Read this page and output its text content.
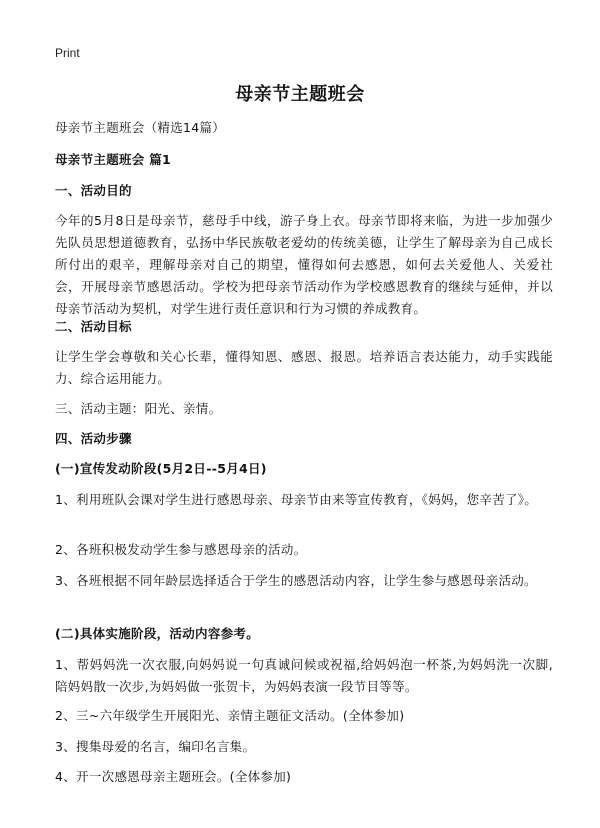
Print
母亲节主题班会
母亲节主题班会（精选14篇）
母亲节主题班会 篇1
一、活动目的
今年的5月8日是母亲节，慈母手中线，游子身上衣。母亲节即将来临，为进一步加强少先队员思想道德教育，弘扬中华民族敬老爱幼的传统美德，让学生了解母亲为自己成长所付出的艰辛，理解母亲对自己的期望，懂得如何去感恩，如何去关爱他人、关爱社会，开展母亲节感恩活动。学校为把母亲节活动作为学校感恩教育的继续与延伸，并以母亲节活动为契机，对学生进行责任意识和行为习惯的养成教育。
二、活动目标
让学生学会尊敬和关心长辈，懂得知恩、感恩、报恩。培养语言表达能力，动手实践能力、综合运用能力。
三、活动主题：阳光、亲情。
四、活动步骤
(一)宣传发动阶段(5月2日--5月4日)
1、利用班队会课对学生进行感恩母亲、母亲节由来等宣传教育，《妈妈，您辛苦了》。
2、各班积极发动学生参与感恩母亲的活动。
3、各班根据不同年龄层选择适合于学生的感恩活动内容，让学生参与感恩母亲活动。
(二)具体实施阶段，活动内容参考。
1、帮妈妈洗一次衣服,向妈妈说一句真诚问候或祝福,给妈妈泡一杯茶,为妈妈洗一次脚,陪妈妈散一次步,为妈妈做一张贺卡，为妈妈表演一段节目等等。
2、三~六年级学生开展阳光、亲情主题征文活动。(全体参加)
3、搜集母爱的名言，编印名言集。
4、开一次感恩母亲主题班会。(全体参加)
